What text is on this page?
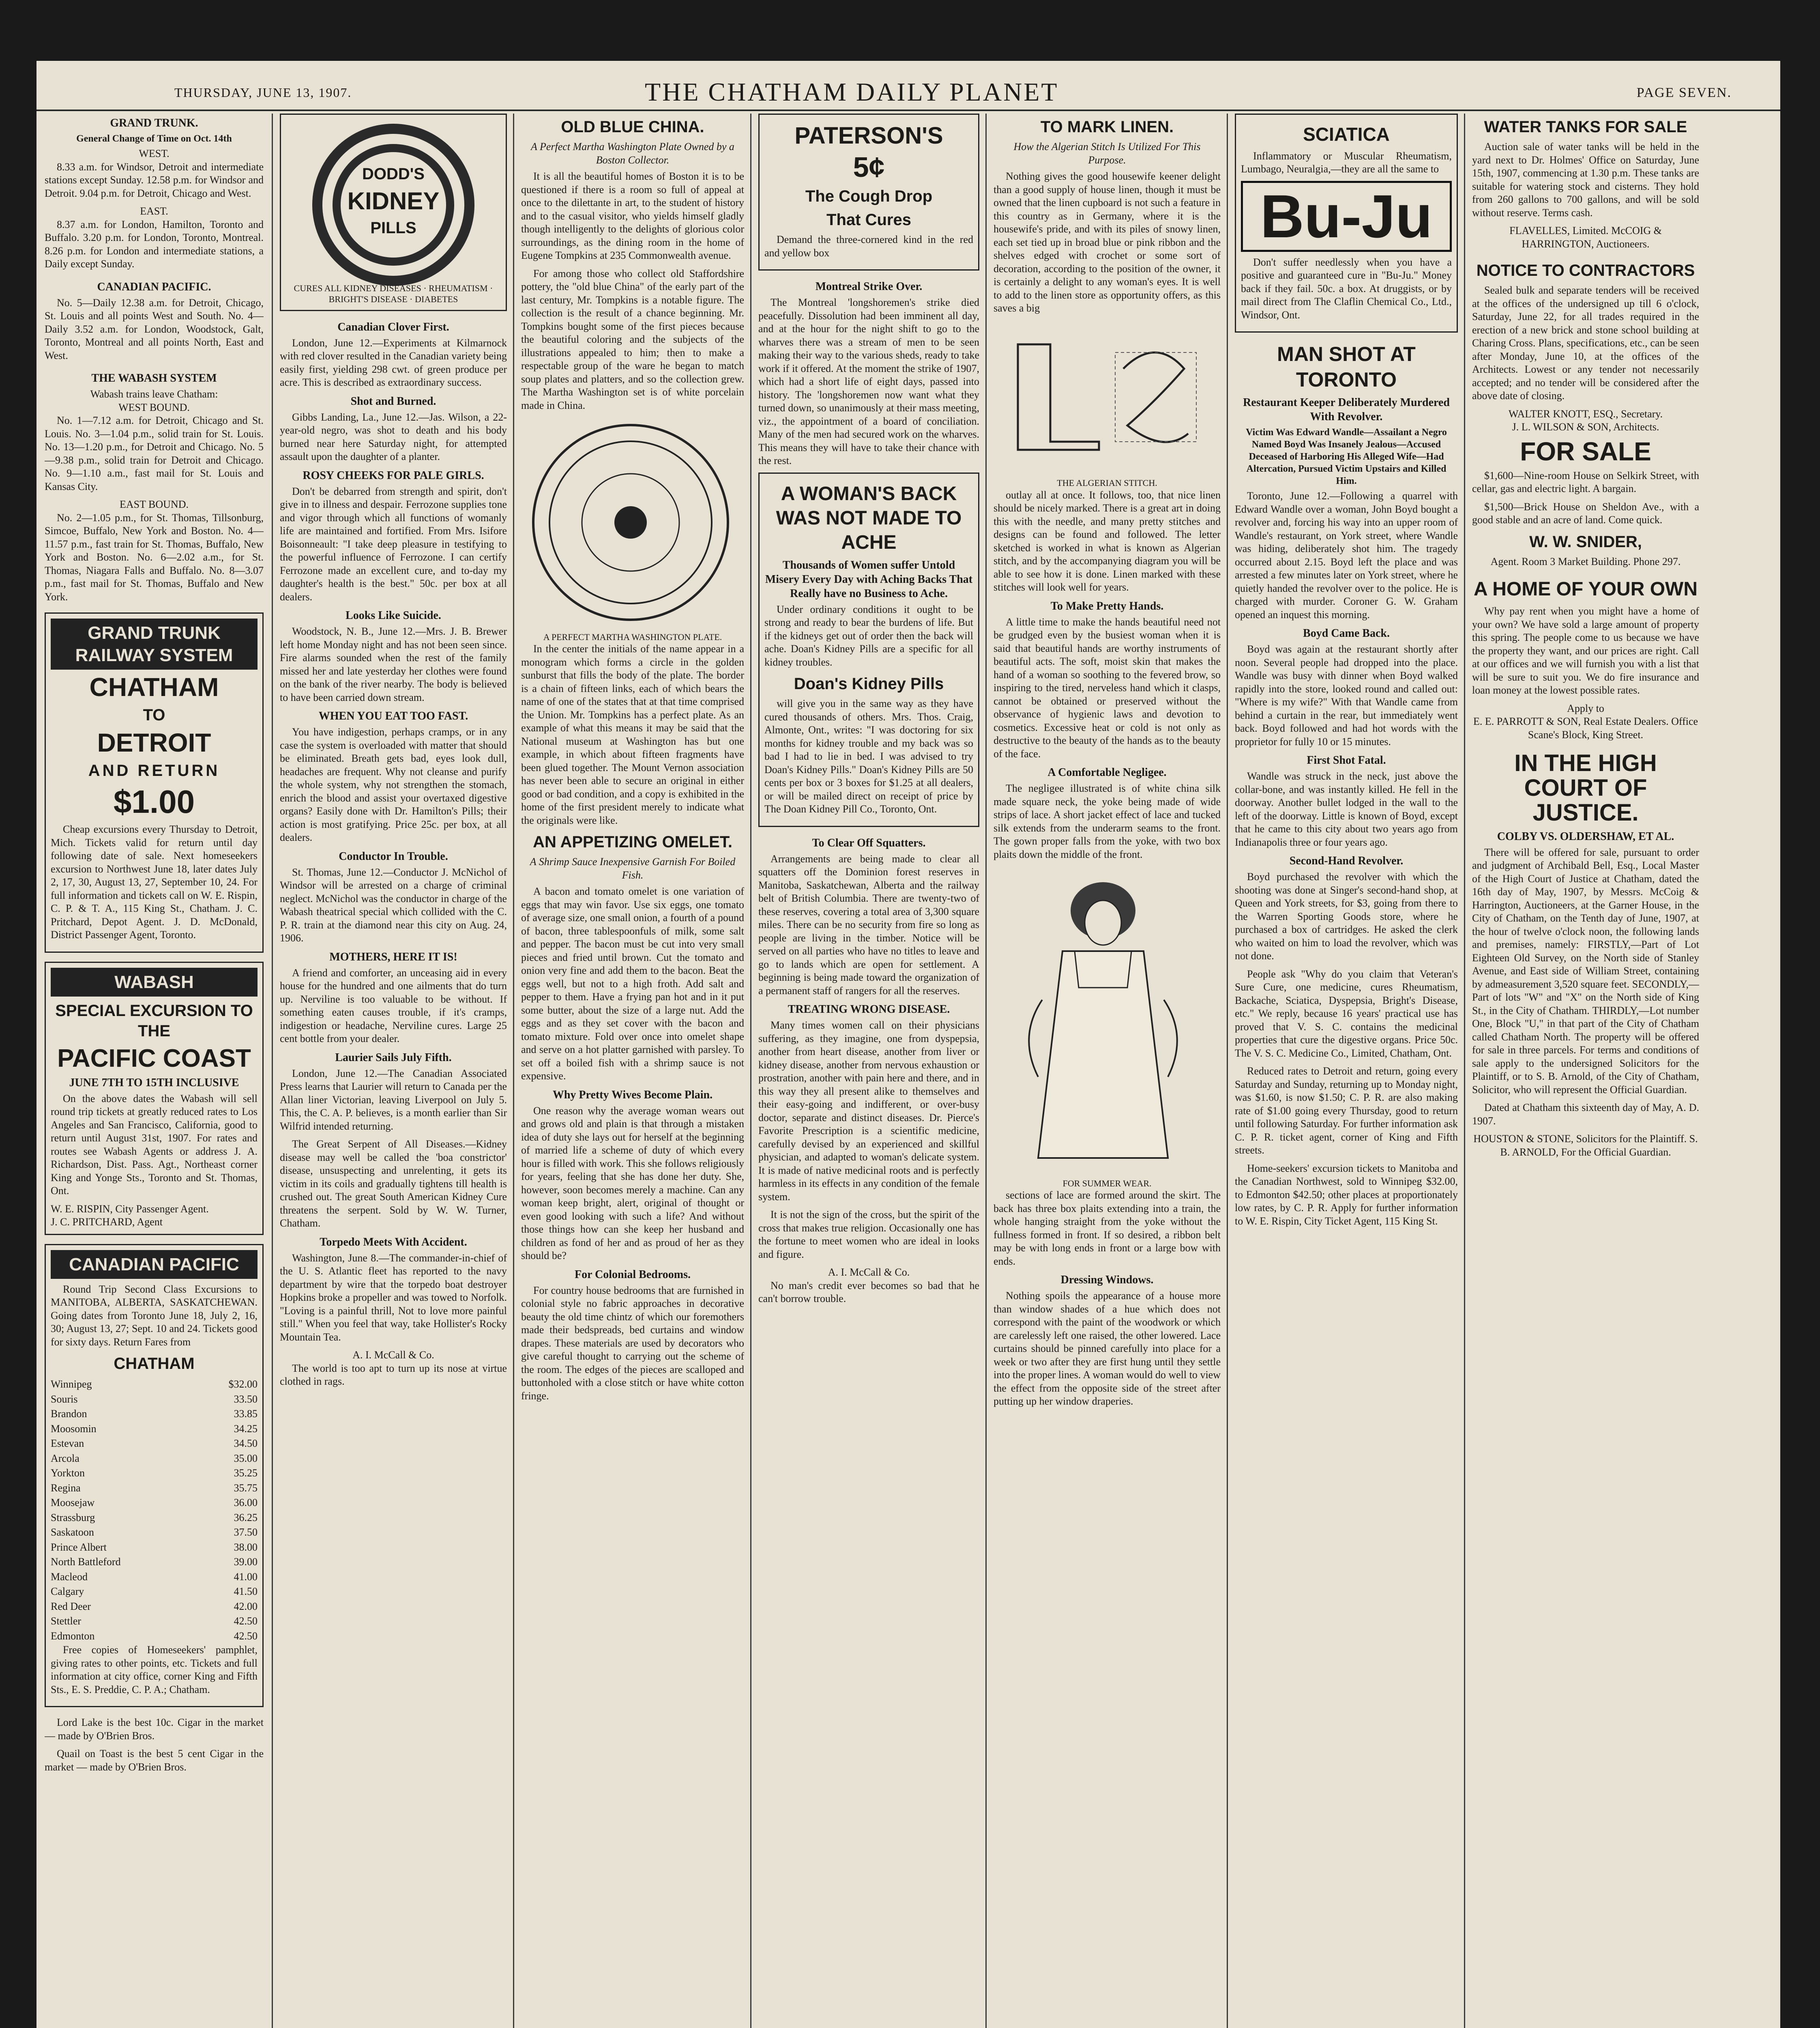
THURSDAY, JUNE 13, 1907.	THE CHATHAM DAILY PLANET	PAGE SEVEN.
GRAND TRUNK.
General Change of Time on Oct. 14th
WEST.

8.33 a.m. for Windsor, Detroit and intermediate stations except Sunday. 12.58 p.m. for Windsor and Detroit. 9.04 p.m. for Detroit, Chicago and West.

EAST.

8.37 a.m. for London, Hamilton, Toronto and Buffalo. 3.20 p.m. for London, Toronto, Montreal. 8.26 p.m. for London and intermediate stations, a Daily except Sunday.

CANADIAN PACIFIC.

No. 5—Daily 12.38 a.m. for Detroit, Chicago, St. Louis and all points West and South. No. 4—Daily 3.52 a.m. for London, Woodstock, Galt, Toronto, Montreal and all points North, East and West.

THE WABASH SYSTEM
Wabash trains leave Chatham:
WEST BOUND.

No. 1—7.12 a.m. for Detroit, Chicago and St. Louis. No. 3—1.04 p.m., solid train for St. Louis. No. 13—1.20 p.m., for Detroit and Chicago. No. 5—9.38 p.m., solid train for Detroit and Chicago. No. 9—1.10 a.m., fast mail for St. Louis and Kansas City.

EAST BOUND.

No. 2—1.05 p.m., for St. Thomas, Tillsonburg, Simcoe, Buffalo, New York and Boston. No. 4—11.57 p.m., fast train for St. Thomas, Buffalo, New York and Boston. No. 6—2.02 a.m., for St. Thomas, Niagara Falls and Buffalo. No. 8—3.07 p.m., fast mail for St. Thomas, Buffalo and New York.

GRAND TRUNK RAILWAY SYSTEM
CHATHAM
TO
DETROIT
AND RETURN
$1.00

Cheap excursions every Thursday to Detroit, Mich. Tickets valid for return until day following date of sale. Next homeseekers excursion to Northwest June 18, later dates July 2, 17, 30, August 13, 27, September 10, 24. For full information and tickets call on W. E. Rispin, C. P. & T. A., 115 King St., Chatham. J. C. Pritchard, Depot Agent. J. D. McDonald, District Passenger Agent, Toronto.

WABASH
SPECIAL EXCURSION TO THE
PACIFIC COAST
JUNE 7TH TO 15TH INCLUSIVE

On the above dates the Wabash will sell round trip tickets at greatly reduced rates to Los Angeles and San Francisco, California, good to return until August 31st, 1907. For rates and routes see Wabash Agents or address J. A. Richardson, Dist. Pass. Agt., Northeast corner King and Yonge Sts., Toronto and St. Thomas, Ont.

W. E. RISPIN, City Passenger Agent.
J. C. PRITCHARD, Agent
CANADIAN PACIFIC

Round Trip Second Class Excursions to MANITOBA, ALBERTA, SASKATCHEWAN. Going dates from Toronto June 18, July 2, 16, 30; August 13, 27; Sept. 10 and 24. Tickets good for sixty days. Return Fares from

CHATHAM
Winnipeg	$32.00
Souris	33.50
Brandon	33.85
Moosomin	34.25
Estevan	34.50
Arcola	35.00
Yorkton	35.25
Regina	35.75
Moosejaw	36.00
Strassburg	36.25
Saskatoon	37.50
Prince Albert	38.00
North Battleford	39.00
Macleod	41.00
Calgary	41.50
Red Deer	42.00
Stettler	42.50
Edmonton	42.50

Free copies of Homeseekers' pamphlet, giving rates to other points, etc. Tickets and full information at city office, corner King and Fifth Sts., E. S. Preddie, C. P. A.; Chatham.

Lord Lake is the best 10c. Cigar in the market — made by O'Brien Bros.

Quail on Toast is the best 5 cent Cigar in the market — made by O'Brien Bros.

DODD'S
KIDNEY
PILLS
CURES ALL KIDNEY DISEASES · RHEUMATISM · BRIGHT'S DISEASE · DIABETES
Canadian Clover First.

London, June 12.—Experiments at Kilmarnock with red clover resulted in the Canadian variety being easily first, yielding 298 cwt. of green produce per acre. This is described as extraordinary success.

Shot and Burned.

Gibbs Landing, La., June 12.—Jas. Wilson, a 22-year-old negro, was shot to death and his body burned near here Saturday night, for attempted assault upon the daughter of a planter.

ROSY CHEEKS FOR PALE GIRLS.

Don't be debarred from strength and spirit, don't give in to illness and despair. Ferrozone supplies tone and vigor through which all functions of womanly life are maintained and fortified. From Mrs. Isifore Boisonneault: "I take deep pleasure in testifying to the powerful influence of Ferrozone. I can certify Ferrozone made an excellent cure, and to-day my daughter's health is the best." 50c. per box at all dealers.

Looks Like Suicide.

Woodstock, N. B., June 12.—Mrs. J. B. Brewer left home Monday night and has not been seen since. Fire alarms sounded when the rest of the family missed her and late yesterday her clothes were found on the bank of the river nearby. The body is believed to have been carried down stream.

WHEN YOU EAT TOO FAST.

You have indigestion, perhaps cramps, or in any case the system is overloaded with matter that should be eliminated. Breath gets bad, eyes look dull, headaches are frequent. Why not cleanse and purify the whole system, why not strengthen the stomach, enrich the blood and assist your overtaxed digestive organs? Easily done with Dr. Hamilton's Pills; their action is most gratifying. Price 25c. per box, at all dealers.

Conductor In Trouble.

St. Thomas, June 12.—Conductor J. McNichol of Windsor will be arrested on a charge of criminal neglect. McNichol was the conductor in charge of the Wabash theatrical special which collided with the C. P. R. train at the diamond near this city on Aug. 24, 1906.

MOTHERS, HERE IT IS!

A friend and comforter, an unceasing aid in every house for the hundred and one ailments that do turn up. Nerviline is too valuable to be without. If something eaten causes trouble, if it's cramps, indigestion or headache, Nerviline cures. Large 25 cent bottle from your dealer.

Laurier Sails July Fifth.

London, June 12.—The Canadian Associated Press learns that Laurier will return to Canada per the Allan liner Victorian, leaving Liverpool on July 5. This, the C. A. P. believes, is a month earlier than Sir Wilfrid intended returning.

The Great Serpent of All Diseases.—Kidney disease may well be called the 'boa constrictor' disease, unsuspecting and unrelenting, it gets its victim in its coils and gradually tightens till health is crushed out. The great South American Kidney Cure threatens the serpent. Sold by W. W. Turner, Chatham.

Torpedo Meets With Accident.

Washington, June 8.—The commander-in-chief of the U. S. Atlantic fleet has reported to the navy department by wire that the torpedo boat destroyer Hopkins broke a propeller and was towed to Norfolk. "Loving is a painful thrill, Not to love more painful still." When you feel that way, take Hollister's Rocky Mountain Tea.

A. I. McCall & Co.

The world is too apt to turn up its nose at virtue clothed in rags.

OLD BLUE CHINA.
A Perfect Martha Washington Plate Owned by a Boston Collector.

It is all the beautiful homes of Boston it is to be questioned if there is a room so full of appeal at once to the dilettante in art, to the student of history and to the casual visitor, who yields himself gladly though intelligently to the delights of glorious color surroundings, as the dining room in the home of Eugene Tompkins at 235 Commonwealth avenue.

For among those who collect old Staffordshire pottery, the "old blue China" of the early part of the last century, Mr. Tompkins is a notable figure. The collection is the result of a chance beginning. Mr. Tompkins bought some of the first pieces because the beautiful coloring and the subjects of the illustrations appealed to him; then to make a respectable group of the ware he began to match soup plates and platters, and so the collection grew. The Martha Washington set is of white porcelain made in China.

A PERFECT MARTHA WASHINGTON PLATE.

In the center the initials of the name appear in a monogram which forms a circle in the golden sunburst that fills the body of the plate. The border is a chain of fifteen links, each of which bears the name of one of the states that at that time comprised the Union. Mr. Tompkins has a perfect plate. As an example of what this means it may be said that the National museum at Washington has but one example, in which about fifteen fragments have been glued together. The Mount Vernon association has never been able to secure an original in either good or bad condition, and a copy is exhibited in the home of the first president merely to indicate what the originals were like.

AN APPETIZING OMELET.
A Shrimp Sauce Inexpensive Garnish For Boiled Fish.

A bacon and tomato omelet is one variation of eggs that may win favor. Use six eggs, one tomato of average size, one small onion, a fourth of a pound of bacon, three tablespoonfuls of milk, some salt and pepper. The bacon must be cut into very small pieces and fried until brown. Cut the tomato and onion very fine and add them to the bacon. Beat the eggs well, but not to a high froth. Add salt and pepper to them. Have a frying pan hot and in it put some butter, about the size of a large nut. Add the eggs and as they set cover with the bacon and tomato mixture. Fold over once into omelet shape and serve on a hot platter garnished with parsley. To set off a boiled fish with a shrimp sauce is not expensive.

Why Pretty Wives Become Plain.

One reason why the average woman wears out and grows old and plain is that through a mistaken idea of duty she lays out for herself at the beginning of married life a scheme of duty of which every hour is filled with work. This she follows religiously for years, feeling that she has done her duty. She, however, soon becomes merely a machine. Can any woman keep bright, alert, original of thought or even good looking with such a life? And without those things how can she keep her husband and children as fond of her and as proud of her as they should be?

For Colonial Bedrooms.

For country house bedrooms that are furnished in colonial style no fabric approaches in decorative beauty the old time chintz of which our foremothers made their bedspreads, bed curtains and window drapes. These materials are used by decorators who give careful thought to carrying out the scheme of the room. The edges of the pieces are scalloped and buttonholed with a close stitch or have white cotton fringe.

PATERSON'S
5¢
The Cough Drop
That Cures

Demand the three-cornered kind in the red and yellow box

Montreal Strike Over.

The Montreal 'longshoremen's strike died peacefully. Dissolution had been imminent all day, and at the hour for the night shift to go to the wharves there was a stream of men to be seen making their way to the various sheds, ready to take work if it offered. At the moment the strike of 1907, which had a short life of eight days, passed into history. The 'longshoremen now want what they turned down, so unanimously at their mass meeting, viz., the appointment of a board of conciliation. Many of the men had secured work on the wharves. This means they will have to take their chance with the rest.

A WOMAN'S BACK WAS NOT MADE TO ACHE
Thousands of Women suffer Untold Misery Every Day with Aching Backs That Really have no Business to Ache.

Under ordinary conditions it ought to be strong and ready to bear the burdens of life. But if the kidneys get out of order then the back will ache. Doan's Kidney Pills are a specific for all kidney troubles.

Doan's Kidney Pills

will give you in the same way as they have cured thousands of others. Mrs. Thos. Craig, Almonte, Ont., writes: "I was doctoring for six months for kidney trouble and my back was so bad I had to lie in bed. I was advised to try Doan's Kidney Pills." Doan's Kidney Pills are 50 cents per box or 3 boxes for $1.25 at all dealers, or will be mailed direct on receipt of price by The Doan Kidney Pill Co., Toronto, Ont.

To Clear Off Squatters.

Arrangements are being made to clear all squatters off the Dominion forest reserves in Manitoba, Saskatchewan, Alberta and the railway belt of British Columbia. There are twenty-two of these reserves, covering a total area of 3,300 square miles. There can be no security from fire so long as people are living in the timber. Notice will be served on all parties who have no titles to leave and go to lands which are open for settlement. A beginning is being made toward the organization of a permanent staff of rangers for all the reserves.

TREATING WRONG DISEASE.

Many times women call on their physicians suffering, as they imagine, one from dyspepsia, another from heart disease, another from liver or kidney disease, another from nervous exhaustion or prostration, another with pain here and there, and in this way they all present alike to themselves and their easy-going and indifferent, or over-busy doctor, separate and distinct diseases. Dr. Pierce's Favorite Prescription is a scientific medicine, carefully devised by an experienced and skillful physician, and adapted to woman's delicate system. It is made of native medicinal roots and is perfectly harmless in its effects in any condition of the female system.

It is not the sign of the cross, but the spirit of the cross that makes true religion. Occasionally one has the fortune to meet women who are ideal in looks and figure.

A. I. McCall & Co.

No man's credit ever becomes so bad that he can't borrow trouble.

TO MARK LINEN.
How the Algerian Stitch Is Utilized For This Purpose.

Nothing gives the good housewife keener delight than a good supply of house linen, though it must be owned that the linen cupboard is not such a feature in this country as in Germany, where it is the housewife's pride, and with its piles of snowy linen, each set tied up in broad blue or pink ribbon and the shelves edged with crochet or some sort of decoration, according to the position of the owner, it is certainly a delight to any woman's eyes. It is well to add to the linen store as opportunity offers, as this saves a big

THE ALGERIAN STITCH.

outlay all at once. It follows, too, that nice linen should be nicely marked. There is a great art in doing this with the needle, and many pretty stitches and designs can be found and followed. The letter sketched is worked in what is known as Algerian stitch, and by the accompanying diagram you will be able to see how it is done. Linen marked with these stitches will look well for years.

To Make Pretty Hands.

A little time to make the hands beautiful need not be grudged even by the busiest woman when it is said that beautiful hands are worthy instruments of beautiful acts. The soft, moist skin that makes the hand of a woman so soothing to the fevered brow, so inspiring to the tired, nerveless hand which it clasps, cannot be obtained or preserved without the observance of hygienic laws and devotion to cosmetics. Excessive heat or cold is not only as destructive to the beauty of the hands as to the beauty of the face.

A Comfortable Negligee.

The negligee illustrated is of white china silk made square neck, the yoke being made of wide strips of lace. A short jacket effect of lace and tucked silk extends from the underarm seams to the front. The gown proper falls from the yoke, with two box plaits down the middle of the front.

FOR SUMMER WEAR.

sections of lace are formed around the skirt. The back has three box plaits extending into a train, the whole hanging straight from the yoke without the fullness formed in front. If so desired, a ribbon belt may be with long ends in front or a large bow with ends.

Dressing Windows.

Nothing spoils the appearance of a house more than window shades of a hue which does not correspond with the paint of the woodwork or which are carelessly left one raised, the other lowered. Lace curtains should be pinned carefully into place for a week or two after they are first hung until they settle into the proper lines. A woman would do well to view the effect from the opposite side of the street after putting up her window draperies.

SCIATICA

Inflammatory or Muscular Rheumatism, Lumbago, Neuralgia,—they are all the same to

Bu-Ju

Don't suffer needlessly when you have a positive and guaranteed cure in "Bu-Ju." Money back if they fail. 50c. a box. At druggists, or by mail direct from The Claflin Chemical Co., Ltd., Windsor, Ont.

MAN SHOT AT TORONTO
Restaurant Keeper Deliberately Murdered With Revolver.
Victim Was Edward Wandle—Assailant a Negro Named Boyd Was Insanely Jealous—Accused Deceased of Harboring His Alleged Wife—Had Altercation, Pursued Victim Upstairs and Killed Him.

Toronto, June 12.—Following a quarrel with Edward Wandle over a woman, John Boyd bought a revolver and, forcing his way into an upper room of Wandle's restaurant, on York street, where Wandle was hiding, deliberately shot him. The tragedy occurred about 2.15. Boyd left the place and was arrested a few minutes later on York street, where he quietly handed the revolver over to the police. He is charged with murder. Coroner G. W. Graham opened an inquest this morning.

Boyd Came Back.

Boyd was again at the restaurant shortly after noon. Several people had dropped into the place. Wandle was busy with dinner when Boyd walked rapidly into the store, looked round and called out: "Where is my wife?" With that Wandle came from behind a curtain in the rear, but immediately went back. Boyd followed and had hot words with the proprietor for fully 10 or 15 minutes.

First Shot Fatal.

Wandle was struck in the neck, just above the collar-bone, and was instantly killed. He fell in the doorway. Another bullet lodged in the wall to the left of the doorway. Little is known of Boyd, except that he came to this city about two years ago from Indianapolis three or four years ago.

Second-Hand Revolver.

Boyd purchased the revolver with which the shooting was done at Singer's second-hand shop, at Queen and York streets, for $3, going from there to the Warren Sporting Goods store, where he purchased a box of cartridges. He asked the clerk who waited on him to load the revolver, which was not done.

People ask "Why do you claim that Veteran's Sure Cure, one medicine, cures Rheumatism, Backache, Sciatica, Dyspepsia, Bright's Disease, etc." We reply, because 16 years' practical use has proved that V. S. C. contains the medicinal properties that cure the digestive organs. Price 50c. The V. S. C. Medicine Co., Limited, Chatham, Ont.

Reduced rates to Detroit and return, going every Saturday and Sunday, returning up to Monday night, was $1.60, is now $1.50; C. P. R. are also making rate of $1.00 going every Thursday, good to return until following Saturday. For further information ask C. P. R. ticket agent, corner of King and Fifth streets.

Home-seekers' excursion tickets to Manitoba and the Canadian Northwest, sold to Winnipeg $32.00, to Edmonton $42.50; other places at proportionately low rates, by C. P. R. Apply for further information to W. E. Rispin, City Ticket Agent, 115 King St.

WATER TANKS FOR SALE

Auction sale of water tanks will be held in the yard next to Dr. Holmes' Office on Saturday, June 15th, 1907, commencing at 1.30 p.m. These tanks are suitable for watering stock and cisterns. They hold from 260 gallons to 700 gallons, and will be sold without reserve. Terms cash.

FLAVELLES, Limited. McCOIG & HARRINGTON, Auctioneers.
NOTICE TO CONTRACTORS

Sealed bulk and separate tenders will be received at the offices of the undersigned up till 6 o'clock, Saturday, June 22, for all trades required in the erection of a new brick and stone school building at Charing Cross. Plans, specifications, etc., can be seen after Monday, June 10, at the offices of the Architects. Lowest or any tender not necessarily accepted; and no tender will be considered after the above date of closing.

WALTER KNOTT, ESQ., Secretary.
J. L. WILSON & SON, Architects.
FOR SALE

$1,600—Nine-room House on Selkirk Street, with cellar, gas and electric light. A bargain.

$1,500—Brick House on Sheldon Ave., with a good stable and an acre of land. Come quick.

W. W. SNIDER,
Agent. Room 3 Market Building. Phone 297.
A HOME OF YOUR OWN

Why pay rent when you might have a home of your own? We have sold a large amount of property this spring. The people come to us because we have the property they want, and our prices are right. Call at our offices and we will furnish you with a list that will be sure to suit you. We do fire insurance and loan money at the lowest possible rates.

Apply to
E. E. PARROTT & SON, Real Estate Dealers. Office Scane's Block, King Street.
IN THE HIGH COURT OF JUSTICE.
COLBY VS. OLDERSHAW, ET AL.

There will be offered for sale, pursuant to order and judgment of Archibald Bell, Esq., Local Master of the High Court of Justice at Chatham, dated the 16th day of May, 1907, by Messrs. McCoig & Harrington, Auctioneers, at the Garner House, in the City of Chatham, on the Tenth day of June, 1907, at the hour of twelve o'clock noon, the following lands and premises, namely: FIRSTLY,—Part of Lot Eighteen Old Survey, on the North side of Stanley Avenue, and East side of William Street, containing by admeasurement 3,520 square feet. SECONDLY,—Part of lots "W" and "X" on the North side of King St., in the City of Chatham. THIRDLY,—Lot number One, Block "U," in that part of the City of Chatham called Chatham North. The property will be offered for sale in three parcels. For terms and conditions of sale apply to the undersigned Solicitors for the Plaintiff, or to S. B. Arnold, of the City of Chatham, Solicitor, who will represent the Official Guardian.

Dated at Chatham this sixteenth day of May, A. D. 1907.

HOUSTON & STONE, Solicitors for the Plaintiff. S. B. ARNOLD, For the Official Guardian.
